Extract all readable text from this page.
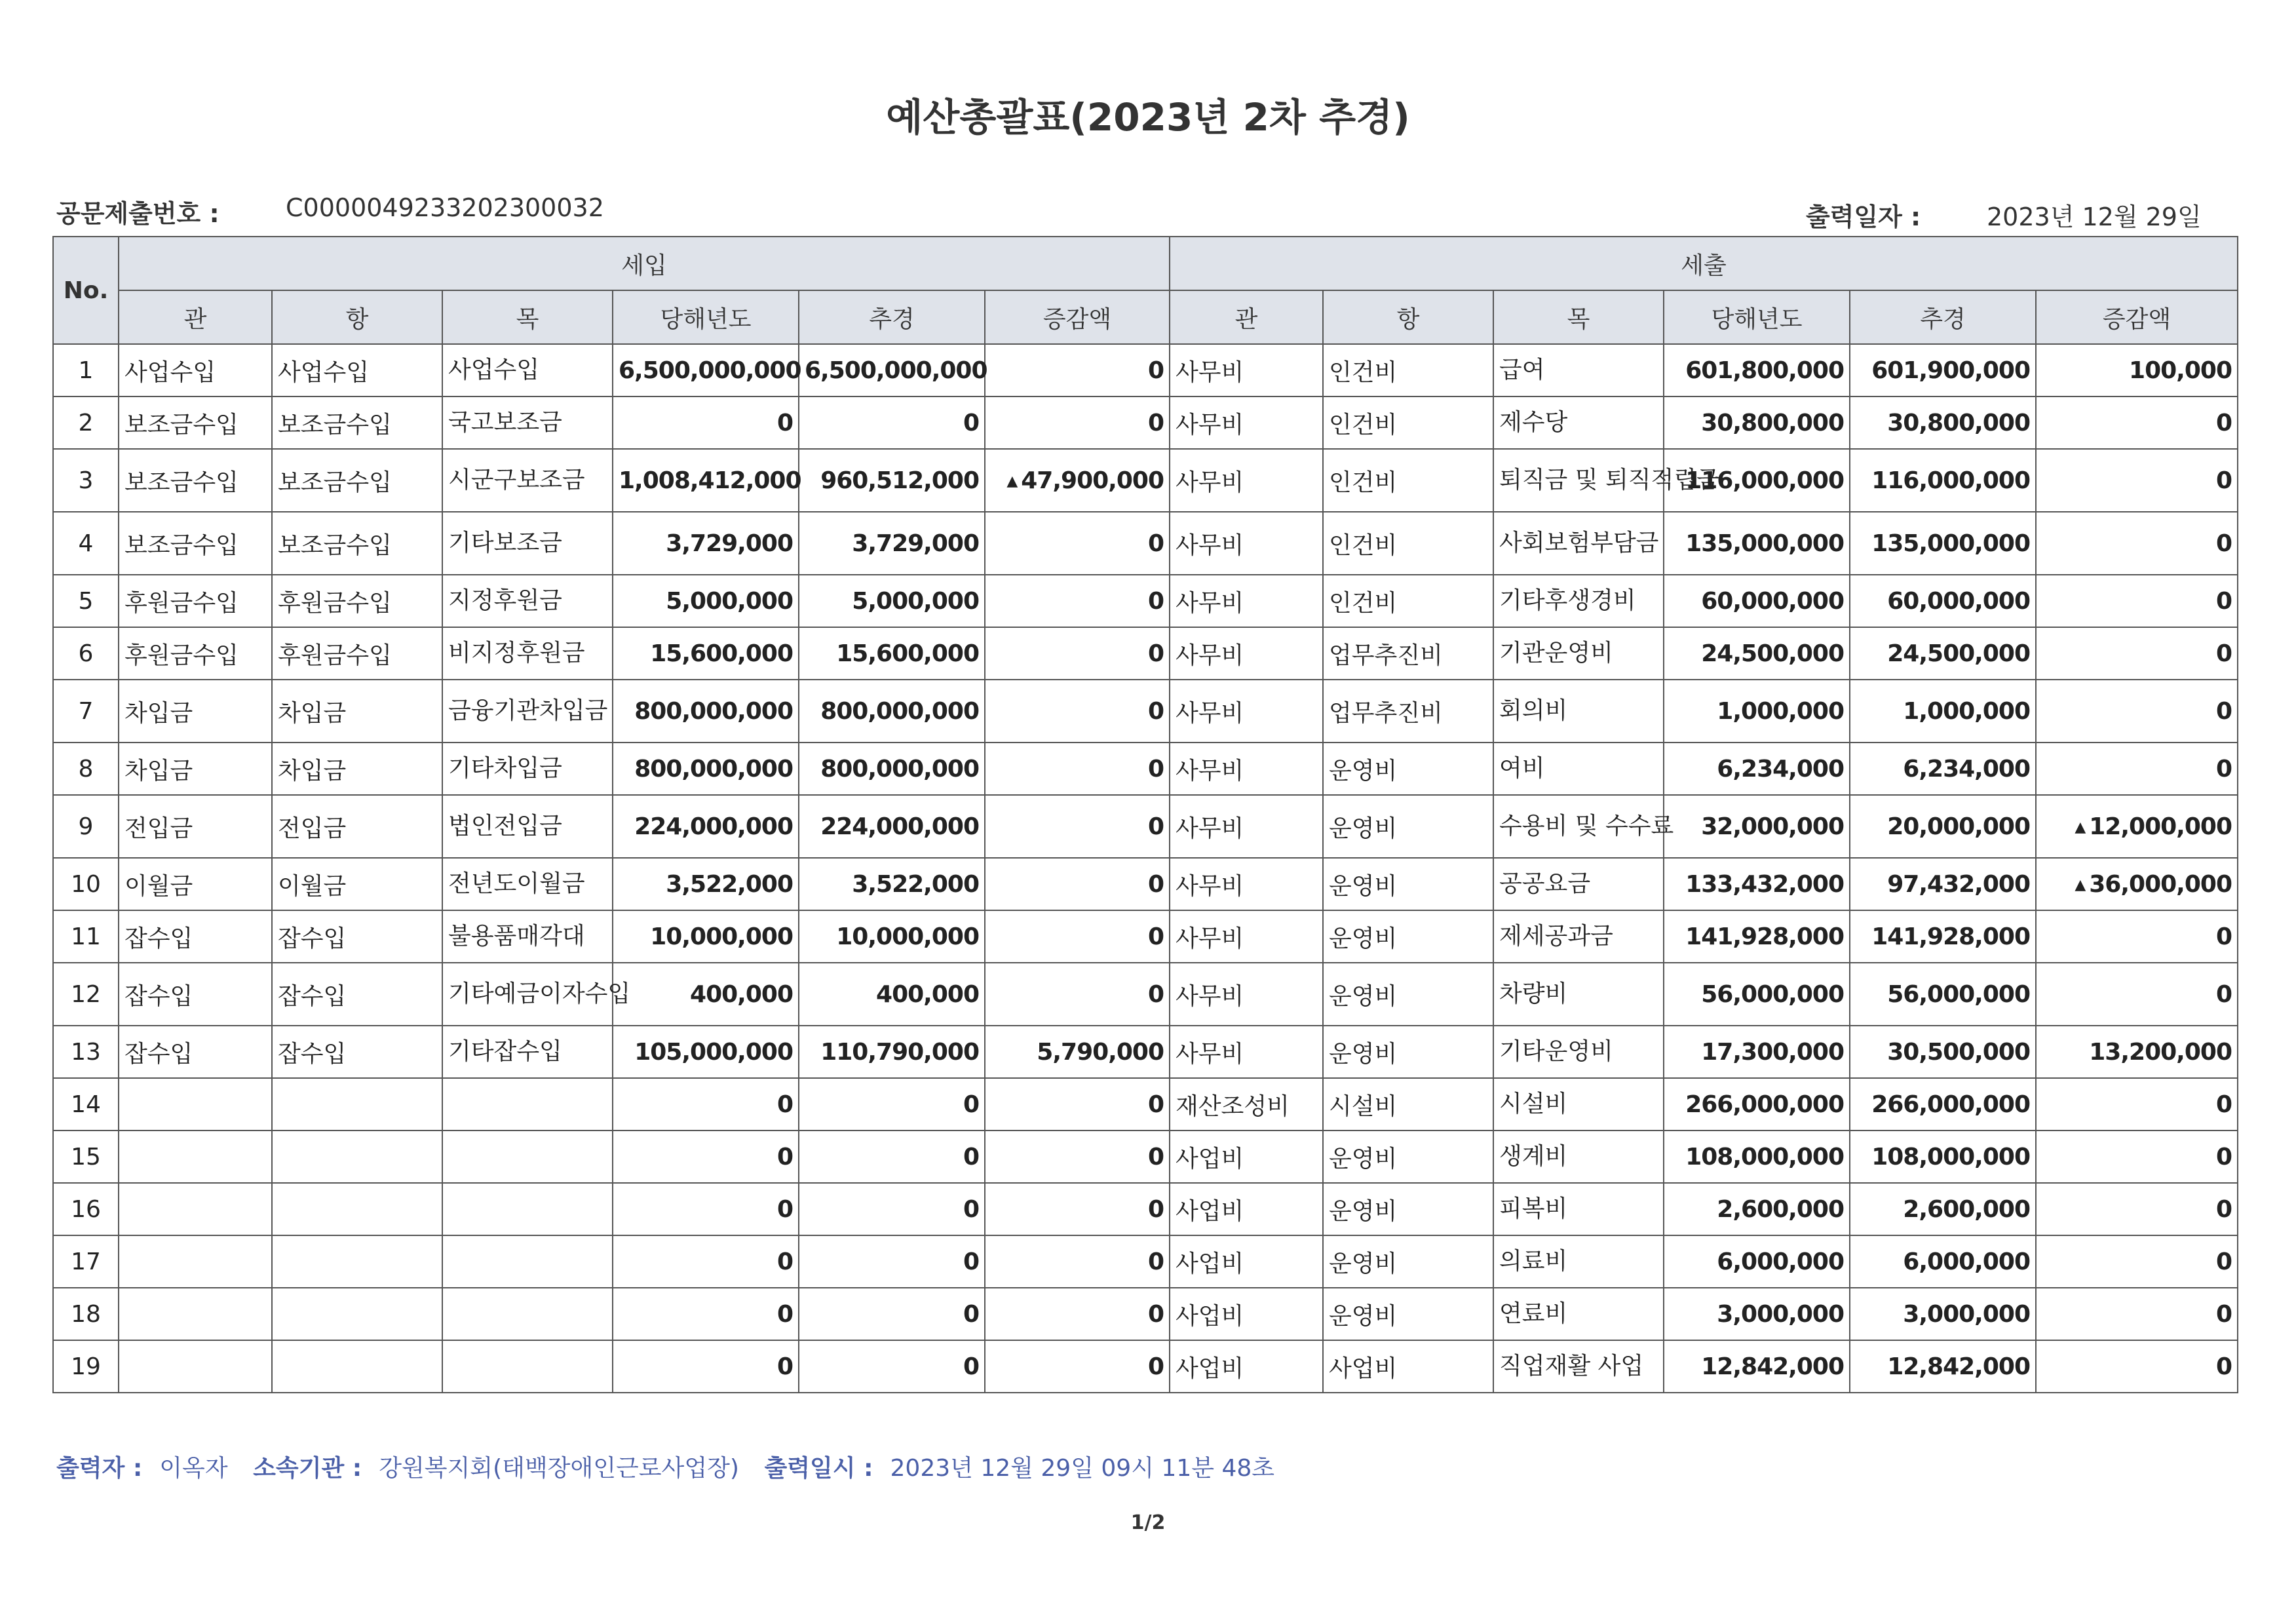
예산총괄표(2023년 2차 추경)
공문제출번호 :	C0000049233202300032	출력일자 :	2023년 12월 29일
No.	세입						세출					
	관	항	목	당해년도	추경	증감액	관	항	목	당해년도	추경	증감액
1	사업수입	사업수입	사업수입	6,500,000,000	6,500,000,000	0	사무비	인건비	급여	601,800,000	601,900,000	100,000
2	보조금수입	보조금수입	국고보조금	0	0	0	사무비	인건비	제수당	30,800,000	30,800,000	0
3	보조금수입	보조금수입	시군구보조금	1,008,412,000	960,512,000	▲ 47,900,000	사무비	인건비	퇴직금 및 퇴직적립금	116,000,000	116,000,000	0
4	보조금수입	보조금수입	기타보조금	3,729,000	3,729,000	0	사무비	인건비	사회보험부담금	135,000,000	135,000,000	0
5	후원금수입	후원금수입	지정후원금	5,000,000	5,000,000	0	사무비	인건비	기타후생경비	60,000,000	60,000,000	0
6	후원금수입	후원금수입	비지정후원금	15,600,000	15,600,000	0	사무비	업무추진비	기관운영비	24,500,000	24,500,000	0
7	차입금	차입금	금융기관차입금	800,000,000	800,000,000	0	사무비	업무추진비	회의비	1,000,000	1,000,000	0
8	차입금	차입금	기타차입금	800,000,000	800,000,000	0	사무비	운영비	여비	6,234,000	6,234,000	0
9	전입금	전입금	법인전입금	224,000,000	224,000,000	0	사무비	운영비	수용비 및 수수료	32,000,000	20,000,000	▲ 12,000,000
10	이월금	이월금	전년도이월금	3,522,000	3,522,000	0	사무비	운영비	공공요금	133,432,000	97,432,000	▲ 36,000,000
11	잡수입	잡수입	불용품매각대	10,000,000	10,000,000	0	사무비	운영비	제세공과금	141,928,000	141,928,000	0
12	잡수입	잡수입	기타예금이자수입	400,000	400,000	0	사무비	운영비	차량비	56,000,000	56,000,000	0
13	잡수입	잡수입	기타잡수입	105,000,000	110,790,000	5,790,000	사무비	운영비	기타운영비	17,300,000	30,500,000	13,200,000
14				0	0	0	재산조성비	시설비	시설비	266,000,000	266,000,000	0
15				0	0	0	사업비	운영비	생계비	108,000,000	108,000,000	0
16				0	0	0	사업비	운영비	피복비	2,600,000	2,600,000	0
17				0	0	0	사업비	운영비	의료비	6,000,000	6,000,000	0
18				0	0	0	사업비	운영비	연료비	3,000,000	3,000,000	0
19				0	0	0	사업비	사업비	직업재활 사업	12,842,000	12,842,000	0
출력자 : 이옥자 소속기관 : 강원복지회(태백장애인근로사업장) 출력일시 : 2023년 12월 29일 09시 11분 48초
1/2
